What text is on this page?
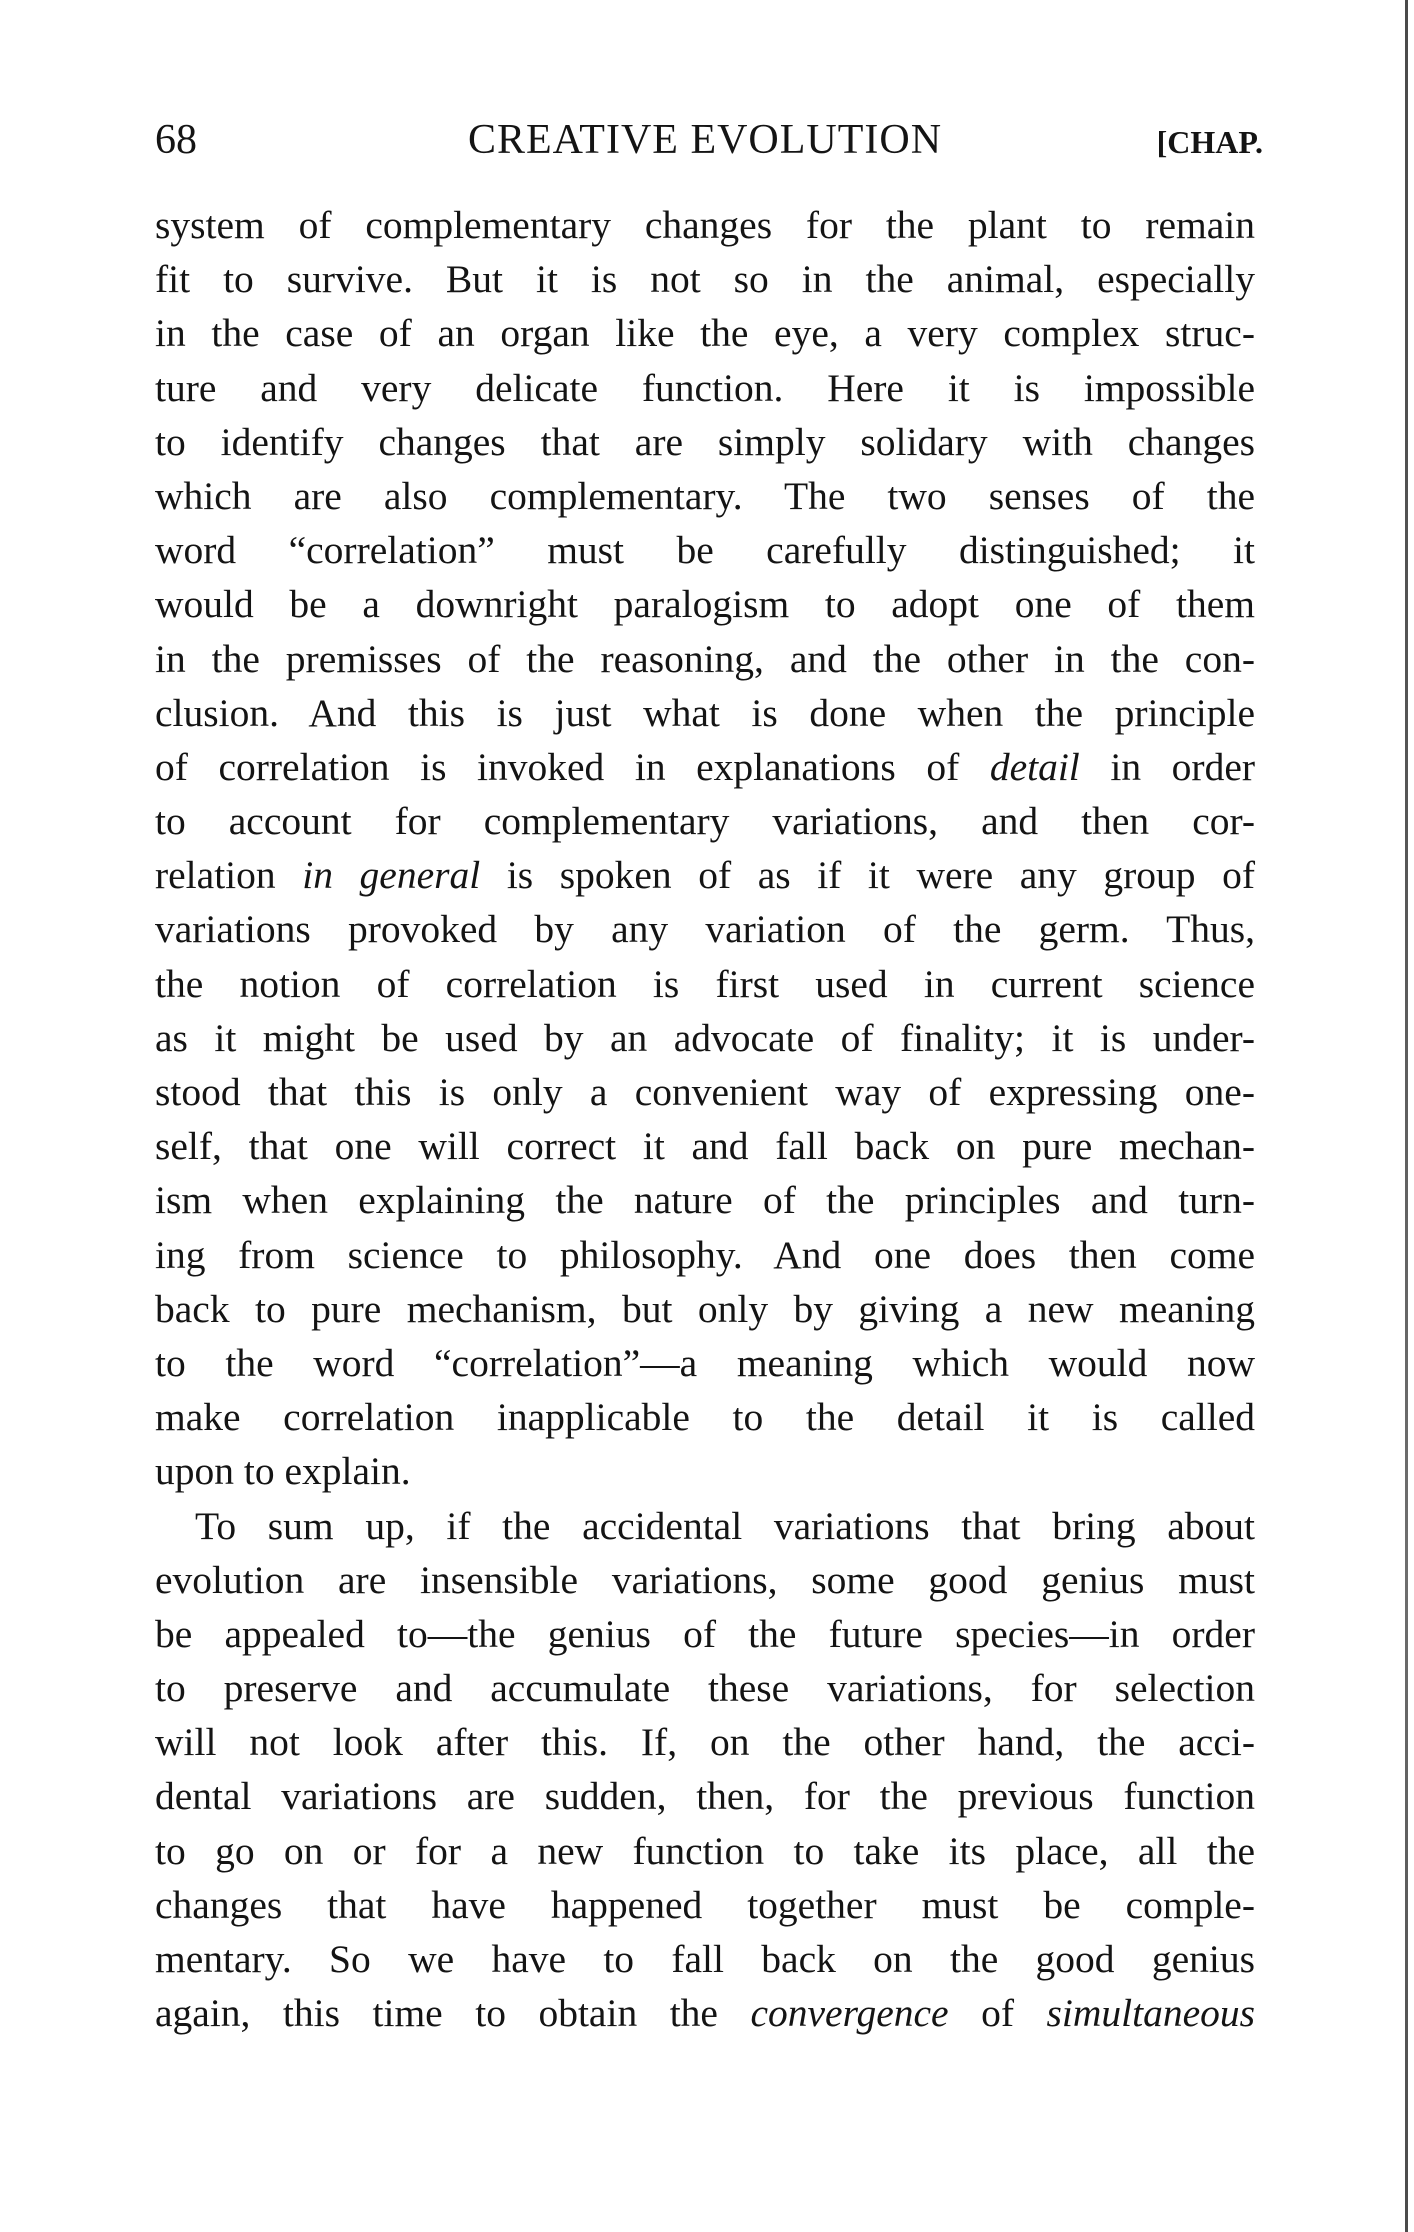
68	CREATIVE EVOLUTION	[CHAP.
system of complementary changes for the plant to remain
fit to survive. But it is not so in the animal, especially
in the case of an organ like the eye, a very complex struc-
ture and very delicate function. Here it is impossible
to identify changes that are simply solidary with changes
which are also complementary. The two senses of the
word “correlation” must be carefully distinguished; it
would be a downright paralogism to adopt one of them
in the premisses of the reasoning, and the other in the con-
clusion. And this is just what is done when the principle
of correlation is invoked in explanations of detail in order
to account for complementary variations, and then cor-
relation in general is spoken of as if it were any group of
variations provoked by any variation of the germ. Thus,
the notion of correlation is first used in current science
as it might be used by an advocate of finality; it is under-
stood that this is only a convenient way of expressing one-
self, that one will correct it and fall back on pure mechan-
ism when explaining the nature of the principles and turn-
ing from science to philosophy. And one does then come
back to pure mechanism, but only by giving a new meaning
to the word “correlation”—a meaning which would now
make correlation inapplicable to the detail it is called
upon to explain.
To sum up, if the accidental variations that bring about
evolution are insensible variations, some good genius must
be appealed to—the genius of the future species—in order
to preserve and accumulate these variations, for selection
will not look after this. If, on the other hand, the acci-
dental variations are sudden, then, for the previous function
to go on or for a new function to take its place, all the
changes that have happened together must be comple-
mentary. So we have to fall back on the good genius
again, this time to obtain the convergence of simultaneous
